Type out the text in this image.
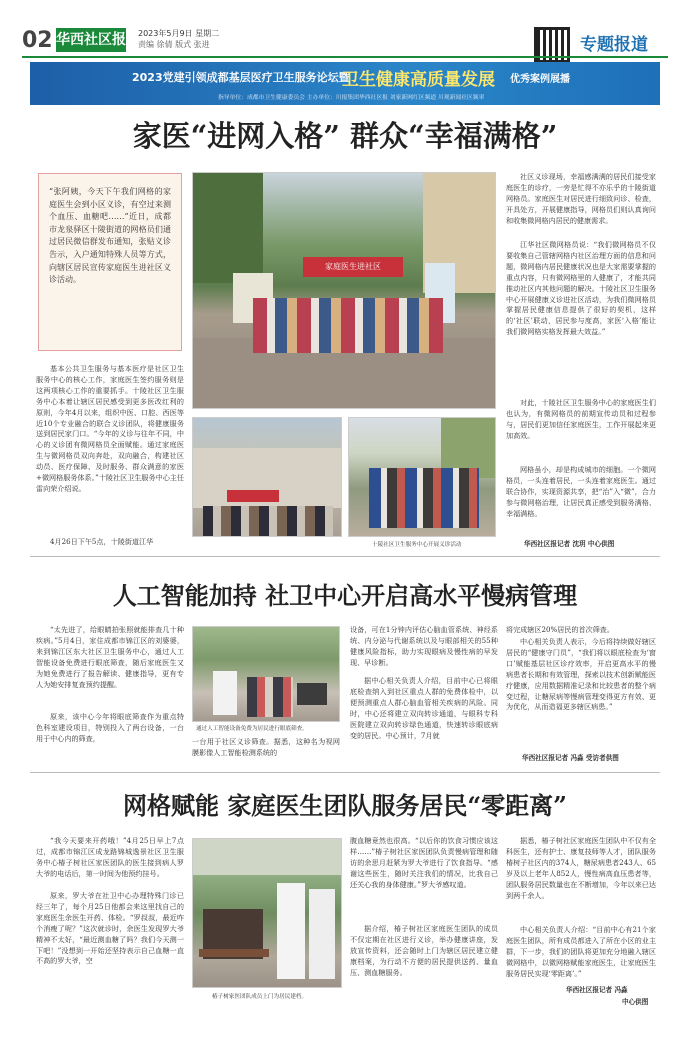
02 华西社区报 2023年5月9日 星期二
责编 徐倩 版式 张进	专题报道
2023党建引领成都基层医疗卫生服务论坛暨
卫生健康高质量发展 优秀案例展播
指导单位：成都市卫生健康委员会 主办单位：川报集团华西社区报 刘家新网红区频道 川观新闻社区频率
家医“进网入格” 群众“幸福满格”
“张阿姨，今天下午我们网格的家庭医生会到小区义诊，有空过来测个血压、血糖吧……”近日，成都市龙泉驿区十陵街道的网格员们通过居民微信群发布通知，张贴义诊告示，入户通知特殊人员等方式，向辖区居民宣传家庭医生进社区义诊活动。

基本公共卫生服务与基本医疗是社区卫生服务中心的核心工作，家庭医生签约服务则是这两项核心工作的重要抓手。十陵社区卫生服务中心本着让辖区居民感受到更多医改红利的原则，今年4月以来，组织中医、口腔、西医等近10个专业融合的联合义诊团队，将健康服务送到居民家门口。“今年的义诊与往年不同，中心的义诊团有微网格员全面赋能。通过家庭医生与微网格员双向奔赴，双向融合，构建社区动员、医疗保障、及时服务、群众满意的家医+微网格服务体系。”十陵社区卫生服务中心主任雷向荣介绍说。

4月26日下午5点，十陵街道江华

家庭医生进社区
十陵社区卫生服务中心开展义诊活动

社区义诊现场，幸福感满满的居民们接受家庭医生的诊疗，一旁是忙得不亦乐乎的十陵街道网格员。家庭医生对居民进行细致问诊、检查，开具处方，开展健康指导，网格员们则认真询问和收集微网格内居民的健康需求。

江华社区微网格员说：“我们微网格员不仅要收集自己管辖网格内社区治理方面的信息和问题，微网格内居民健康状况也是大家需要掌握的重点内容，只有微网格里的人健康了，才能共同推动社区内其他问题的解决。十陵社区卫生服务中心开展健康义诊进社区活动，为我们微网格员掌握居民健康信息提供了很好的契机，这样的‘社区’联动，居民参与度高，家医‘入格’能让我们微网格实格发挥最大效益。”

对此，十陵社区卫生服务中心的家庭医生们也认为，有微网格员的前期宣传动员和过程参与，居民们更加信任家庭医生，工作开展起来更加高效。

网格虽小，却是构成城市的细胞。一个微网格员，一头连着居民，一头连着家庭医生。通过联合协作，实现资源共享，把“治”入“微”，合力参与微网格治理，让居民真正感受到服务满格、幸福满格。

华西社区报记者 沈玥 中心供图
人工智能加持 社卫中心开启高水平慢病管理

“太先进了，给眼睛拍张照就能排查几十种疾病。”5月4日，家住成都市锦江区的刘婆婆，来到锦江区东大社区卫生服务中心，通过人工智能设备免费进行眼底筛查，随后家庭医生又为她免费进行了报告解读、健康指导，更有专人为她安排复查预约提醒。

原来，该中心今年将眼底筛查作为重点特色科室建设项目，特别投入了两台设备，一台用于中心内的筛查，

通过人工智能设备免费为居民进行眼底筛查。

一台用于社区义诊筛查。据悉，这种名为视网膜影像人工智能检测系统的

设备，可在1分钟内评估心脑血管系统、神经系统、内分泌与代谢系统以及与眼部相关的55种健康风险指标，助力实现眼病及慢性病的早发现、早诊断。

据中心相关负责人介绍，目前中心已将眼底检查纳入到社区重点人群的免费体检中，以便预测重点人群心脑血管相关疾病的风险。同时，中心还将建立双向转诊通道，与眼科专科医院建立双向转诊绿色通道，快速转诊眼底病变的居民。中心预计，7月就

将完成辖区20%居民的首次筛查。

中心相关负责人表示，今后将持续做好辖区居民的“健康守门员”，“我们将以眼底检查为‘窗口’赋能基层社区诊疗效率，开启更高水平的慢病患者长期和有效管理，探索以技术创新赋能医疗健康，应用数据精准记录和比较患者的整个病变过程，让糖尿病等慢病管理变得更方有效、更为优化，从而造福更多辖区病患。”

华西社区报记者 冯淼 受访者供图
网格赋能 家庭医生团队服务居民“零距离”

“我今天要来开药哦！”4月25日早上7点过，成都市锦江区成龙路锦城逸景社区卫生服务中心椿子树社区家医团队的医生接到病人罗大爷的电话后，第一时间为他预约挂号。

原来，罗大爷在社卫中心办理特殊门诊已经三年了，每个月25日他都会来这里找自己的家庭医生余医生开药、体检。“罗叔叔，最近咋个消瘦了呢？”这次就诊时，余医生发现罗大爷精神不太好，“最近测血糖了吗？我们今天测一下吧！”没想到一开始还坚持表示自己血糖一直不高的罗大爷，空

椿子树家医团队成员上门为居民建档。

腹血糖竟然也很高。“以后你的饮食习惯应该这样……”椿子树社区家医团队负责慢病管理和随访的余思月赶紧为罗大爷进行了饮食指导。“感谢这些医生，随时关注我们的情况，比我自己还关心我的身体健康。”罗大爷感叹道。

据介绍，椿子树社区家庭医生团队的成员不仅定期在社区进行义诊，举办健康讲座，发放宣传资料，还会随时上门为辖区居民建立健康档案，为行动不方便的居民提供送药、量血压、测血糖服务。

据悉，椿子树社区家庭医生团队中不仅有全科医生，还有护士、康复技师等人才，团队服务椿树子社区内的374人，糖尿病患者243人、65岁及以上老年人852人，慢性病高血压患者等，团队服务居民数量也在不断增加，今年以来已达到两千余人。

中心相关负责人介绍：“目前中心有21个家庭医生团队，所有成员都进入了所在小区的业主群，下一步，我们的团队将更加充分地融入辖区微网格中，以微网格赋能家庭医生，让家庭医生服务居民实现‘零距离’。”

华西社区报记者 冯淼
中心供图
